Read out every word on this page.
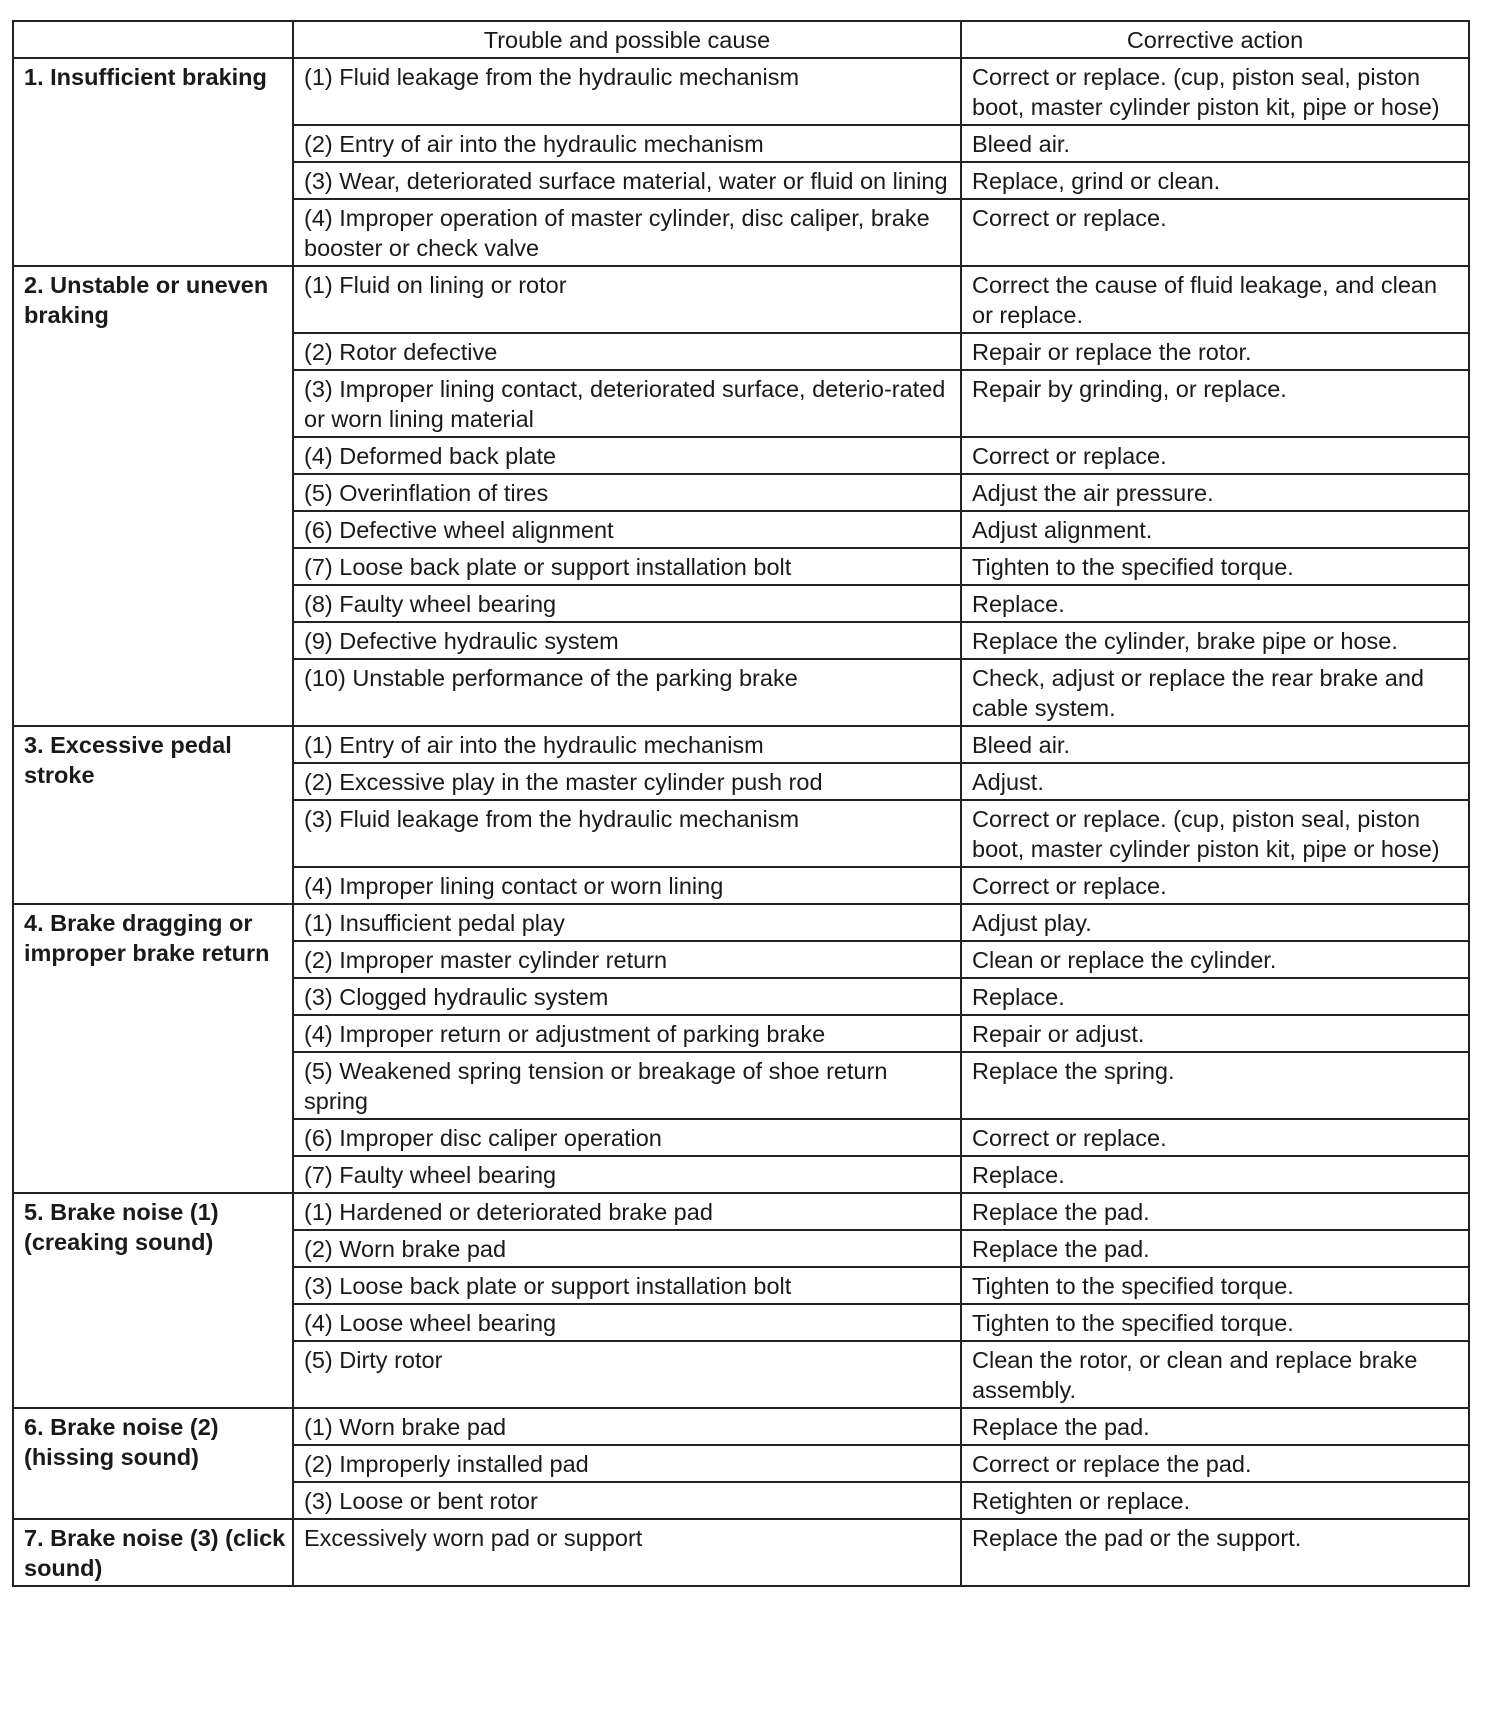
	Trouble and possible cause	Corrective action
1. Insufficient braking	(1) Fluid leakage from the hydraulic mechanism	Correct or replace. (cup, piston seal, piston boot, master cylinder piston kit, pipe or hose)
	(2) Entry of air into the hydraulic mechanism	Bleed air.
	(3) Wear, deteriorated surface material, water or fluid on lining	Replace, grind or clean.
	(4) Improper operation of master cylinder, disc caliper, brake booster or check valve	Correct or replace.
2. Unstable or uneven braking	(1) Fluid on lining or rotor	Correct the cause of fluid leakage, and clean or replace.
	(2) Rotor defective	Repair or replace the rotor.
	(3) Improper lining contact, deteriorated surface, deterio-rated or worn lining material	Repair by grinding, or replace.
	(4) Deformed back plate	Correct or replace.
	(5) Overinflation of tires	Adjust the air pressure.
	(6) Defective wheel alignment	Adjust alignment.
	(7) Loose back plate or support installation bolt	Tighten to the specified torque.
	(8) Faulty wheel bearing	Replace.
	(9) Defective hydraulic system	Replace the cylinder, brake pipe or hose.
	(10) Unstable performance of the parking brake	Check, adjust or replace the rear brake and cable system.
3. Excessive pedal stroke	(1) Entry of air into the hydraulic mechanism	Bleed air.
	(2) Excessive play in the master cylinder push rod	Adjust.
	(3) Fluid leakage from the hydraulic mechanism	Correct or replace. (cup, piston seal, piston boot, master cylinder piston kit, pipe or hose)
	(4) Improper lining contact or worn lining	Correct or replace.
4. Brake dragging or improper brake return	(1) Insufficient pedal play	Adjust play.
	(2) Improper master cylinder return	Clean or replace the cylinder.
	(3) Clogged hydraulic system	Replace.
	(4) Improper return or adjustment of parking brake	Repair or adjust.
	(5) Weakened spring tension or breakage of shoe return spring	Replace the spring.
	(6) Improper disc caliper operation	Correct or replace.
	(7) Faulty wheel bearing	Replace.
5. Brake noise (1) (creaking sound)	(1) Hardened or deteriorated brake pad	Replace the pad.
	(2) Worn brake pad	Replace the pad.
	(3) Loose back plate or support installation bolt	Tighten to the specified torque.
	(4) Loose wheel bearing	Tighten to the specified torque.
	(5) Dirty rotor	Clean the rotor, or clean and replace brake assembly.
6. Brake noise (2) (hissing sound)	(1) Worn brake pad	Replace the pad.
	(2) Improperly installed pad	Correct or replace the pad.
	(3) Loose or bent rotor	Retighten or replace.
7. Brake noise (3) (click sound)	Excessively worn pad or support	Replace the pad or the support.
